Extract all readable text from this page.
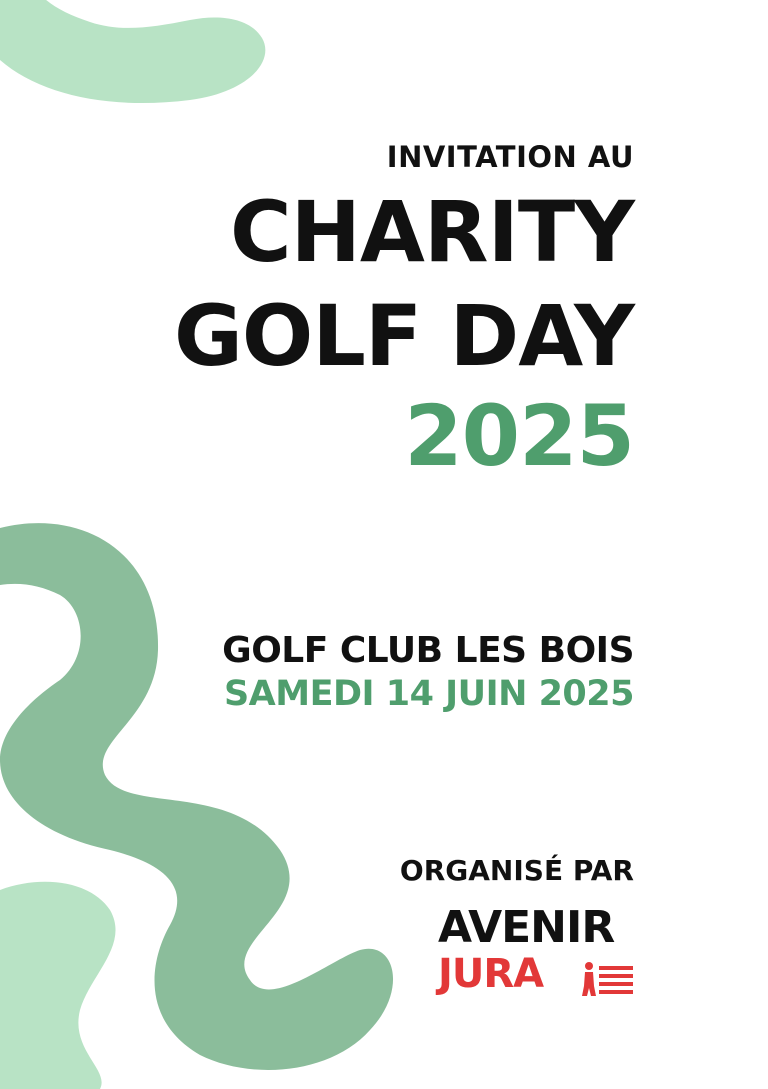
INVITATION AU
CHARITY
GOLF DAY
2025
GOLF CLUB LES BOIS
SAMEDI 14 JUIN 2025
ORGANISÉ PAR
AVENIR
JURA
